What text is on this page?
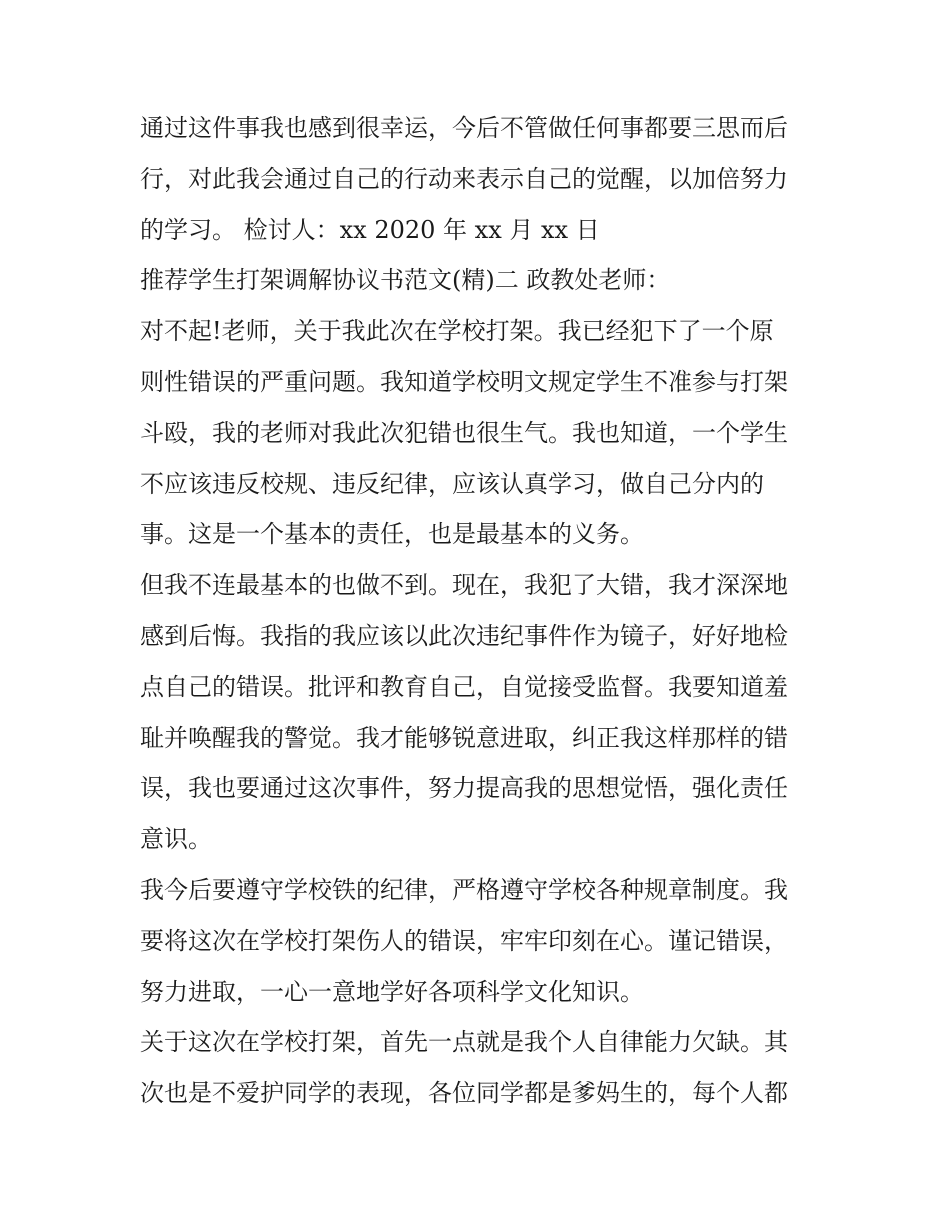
通过这件事我也感到很幸运，今后不管做任何事都要三思而后
行，对此我会通过自己的行动来表示自己的觉醒，以加倍努力
的学习。 检讨人：xx 2020 年 xx 月 xx 日
推荐学生打架调解协议书范文(精)二 政教处老师：
对不起!老师，关于我此次在学校打架。我已经犯下了一个原
则性错误的严重问题。我知道学校明文规定学生不准参与打架
斗殴，我的老师对我此次犯错也很生气。我也知道，一个学生
不应该违反校规、违反纪律，应该认真学习，做自己分内的
事。这是一个基本的责任，也是最基本的义务。
但我不连最基本的也做不到。现在，我犯了大错，我才深深地
感到后悔。我指的我应该以此次违纪事件作为镜子，好好地检
点自己的错误。批评和教育自己，自觉接受监督。我要知道羞
耻并唤醒我的警觉。我才能够锐意进取，纠正我这样那样的错
误，我也要通过这次事件，努力提高我的思想觉悟，强化责任
意识。
我今后要遵守学校铁的纪律，严格遵守学校各种规章制度。我
要将这次在学校打架伤人的错误，牢牢印刻在心。谨记错误，
努力进取，一心一意地学好各项科学文化知识。
关于这次在学校打架，首先一点就是我个人自律能力欠缺。其
次也是不爱护同学的表现，各位同学都是爹妈生的，每个人都
